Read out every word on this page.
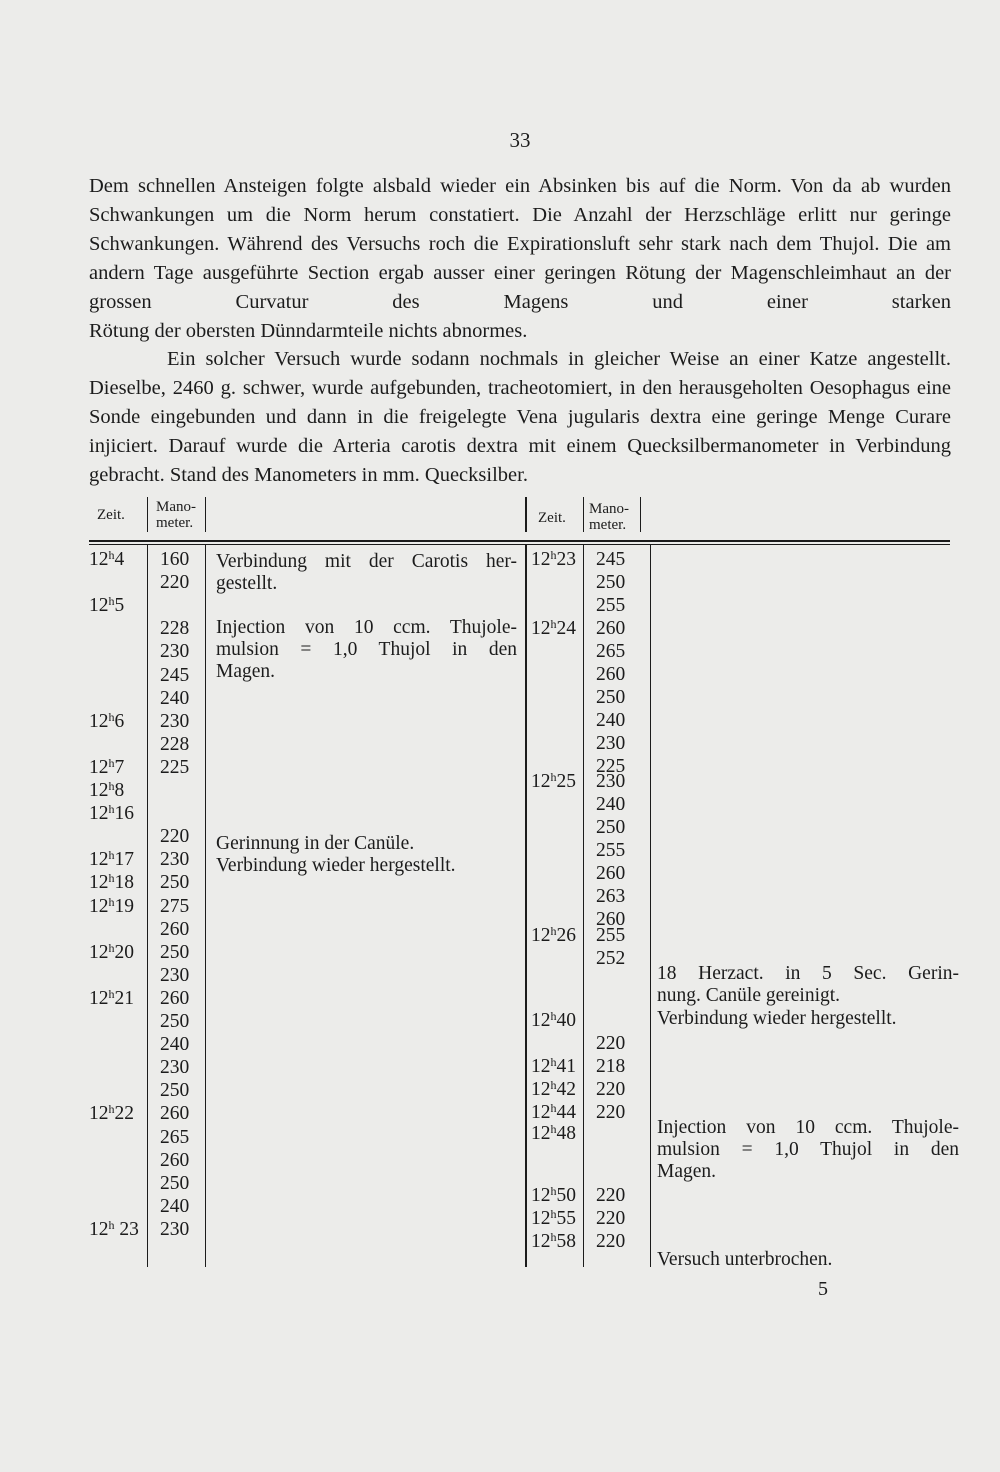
33

Dem schnellen Ansteigen folgte alsbald wieder ein Absinken bis auf die Norm. Von da ab wurden Schwankungen um die Norm herum constatiert. Die Anzahl der Herzschläge erlitt nur geringe Schwankungen. Während des Versuchs roch die Expirationsluft sehr stark nach dem Thujol. Die am andern Tage ausgeführte Section ergab ausser einer geringen Rötung der Magenschleimhaut an der grossen Curvatur des Magens und einer starken
Rötung der obersten Dünndarmteile nichts abnormes.

Ein solcher Versuch wurde sodann nochmals in gleicher Weise an einer Katze angestellt. Dieselbe, 2460 g. schwer, wurde aufgebunden, tracheotomiert, in den herausgeholten Oesophagus eine Sonde eingebunden und dann in die freigelegte Vena jugularis dextra eine geringe Menge Curare injiciert. Darauf wurde die Arteria carotis dextra mit einem Quecksilbermanometer in Verbindung gebracht. Stand des Manometers in mm. Quecksilber.

Zeit. Mano-
meter.	Zeit.
Mano-
meter.
12$^h$4 160
220
12$^h$5
228
230
245
240
12$^h$6 230
228
12$^h$7 225
12$^h$8
12$^h$16
220
12$^h$17 230
12$^h$18 250
12$^h$19 275
260
12$^h$20 250
230
12$^h$21 260
250
240
230
250
12$^h$22 260
265
260
250
240
12$^h$ 23 230
12$^h$23 245
250
255
12$^h$24 260
265
260
250
240
230
225
12$^h$25 230
240
250
255
260
263
260
12$^h$26 255
252
12$^h$40
220
12$^h$41 218
12$^h$42 220
12$^h$44 220
12$^h$48
12$^h$50 220
12$^h$55 220
12$^h$58 220
Verbindung mit der Carotis her-
gestellt.
Injection von 10 ccm. Thujole-
mulsion = 1,0 Thujol in den
Magen.
Gerinnung in der Canüle.
Verbindung wieder hergestellt.
18 Herzact. in 5 Sec. Gerin-
nung. Canüle gereinigt.
Verbindung wieder hergestellt.
Injection von 10 ccm. Thujole-
mulsion = 1,0 Thujol in den
Magen.
Versuch unterbrochen.
5
